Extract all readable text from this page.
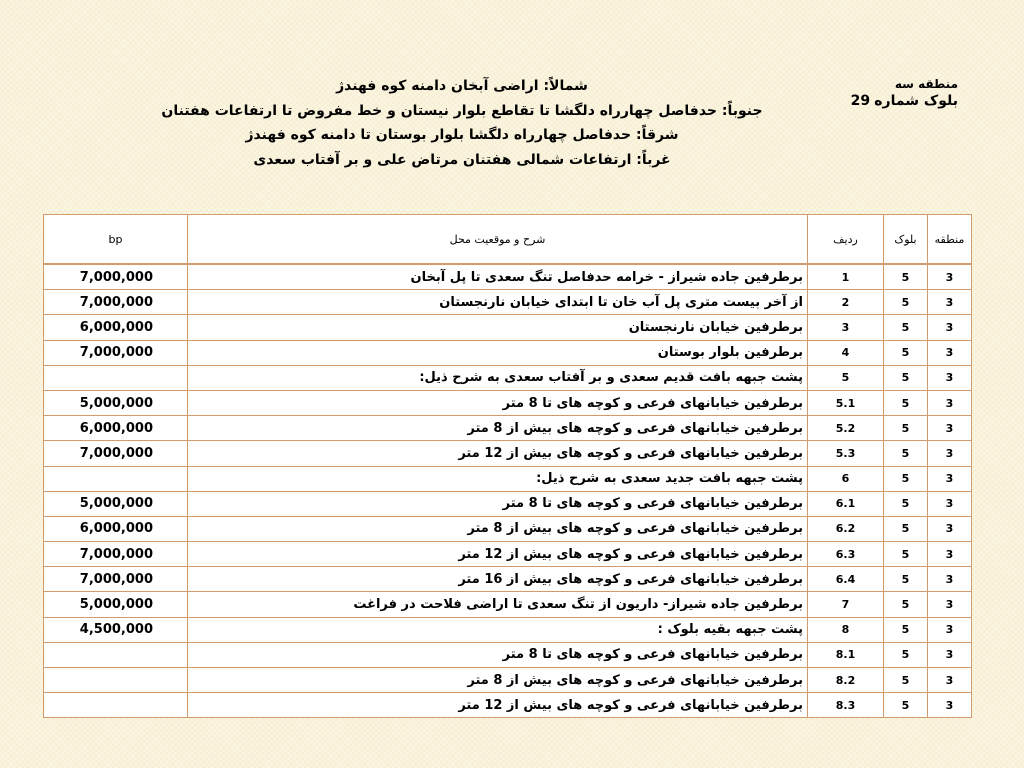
منطقه سه
بلوک شماره 29
شمالاً: اراضی آبخان دامنه کوه فهندژ
جنوباً: حدفاصل چهارراه دلگشا تا تقاطع بلوار نیستان و خط مفروض تا ارتفاعات هفتنان
شرقاً: حدفاصل چهارراه دلگشا بلوار بوستان تا دامنه کوه فهندژ
غرباً: ارتفاعات شمالی هفتنان مرتاض علی و بر آفتاب سعدی
bp	شرح و موقعیت محل	ردیف	بلوک	منطقه
7,000,000	برطرفین جاده شیراز - خرامه حدفاصل تنگ سعدی تا پل آبخان	1	5	3
7,000,000	از آخر بیست متری پل آب خان تا ابتدای خیابان نارنجستان	2	5	3
6,000,000	برطرفین خیابان نارنجستان	3	5	3
7,000,000	برطرفین بلوار بوستان	4	5	3
	پشت جبهه بافت قدیم سعدی و بر آفتاب سعدی به شرح ذیل:	5	5	3
5,000,000	برطرفین خیابانهای فرعی و کوچه های تا 8 متر	5.1	5	3
6,000,000	برطرفین خیابانهای فرعی و کوچه های بیش از 8 متر	5.2	5	3
7,000,000	برطرفین خیابانهای فرعی و کوچه های بیش از 12 متر	5.3	5	3
	پشت جبهه بافت جدید سعدی به شرح ذیل:	6	5	3
5,000,000	برطرفین خیابانهای فرعی و کوچه های تا 8 متر	6.1	5	3
6,000,000	برطرفین خیابانهای فرعی و کوچه های بیش از 8 متر	6.2	5	3
7,000,000	برطرفین خیابانهای فرعی و کوچه های بیش از 12 متر	6.3	5	3
7,000,000	برطرفین خیابانهای فرعی و کوچه های بیش از 16 متر	6.4	5	3
5,000,000	برطرفین جاده شیراز- داریون از تنگ سعدی تا اراضی فلاحت در فراغت	7	5	3
4,500,000	پشت جبهه بقیه بلوک :	8	5	3
	برطرفین خیابانهای فرعی و کوچه های تا 8 متر	8.1	5	3
	برطرفین خیابانهای فرعی و کوچه های بیش از 8 متر	8.2	5	3
	برطرفین خیابانهای فرعی و کوچه های بیش از 12 متر	8.3	5	3
